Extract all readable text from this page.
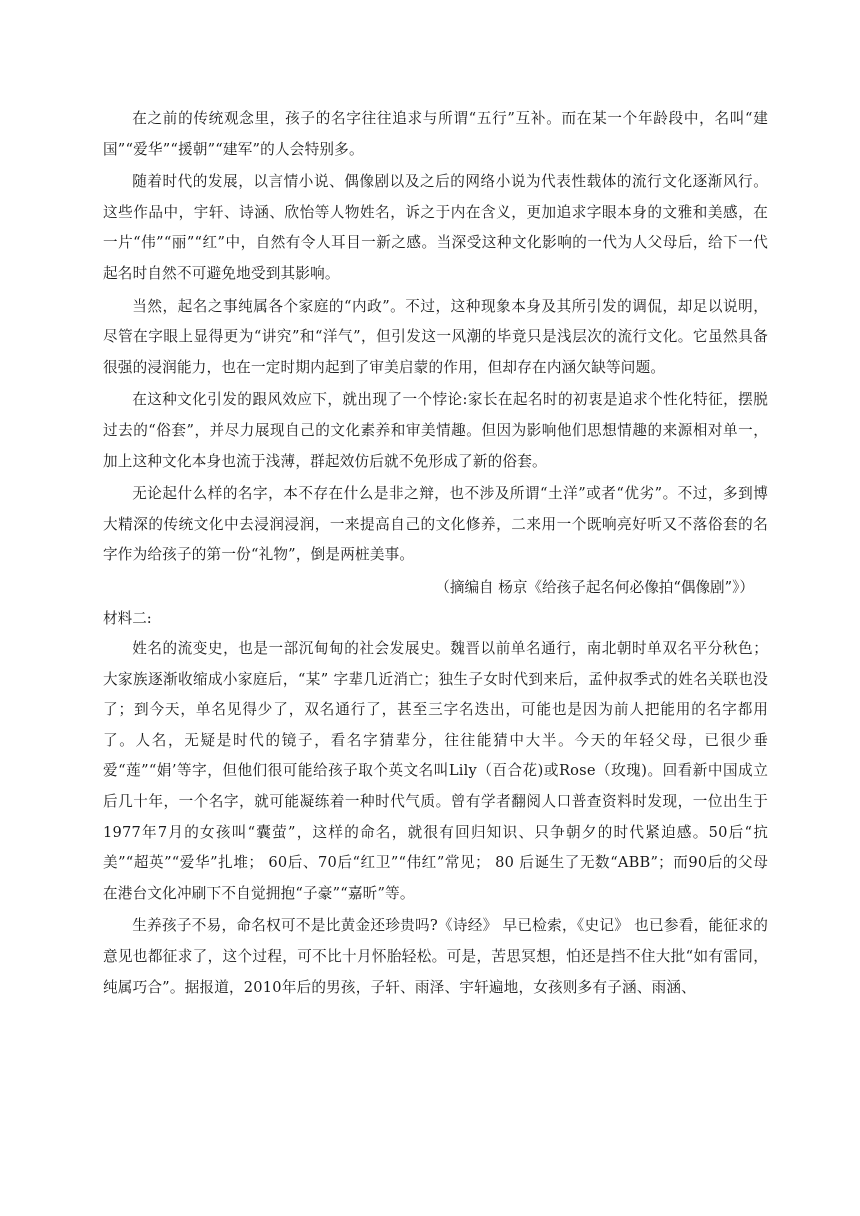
在之前的传统观念里，孩子的名字往往追求与所谓“五行”互补。而在某一个年龄段中，名叫“建国”“爱华”“援朝”“建军”的人会特别多。

随着时代的发展，以言情小说、偶像剧以及之后的网络小说为代表性载体的流行文化逐渐风行。这些作品中，宇轩、诗涵、欣怡等人物姓名，诉之于内在含义，更加追求字眼本身的文雅和美感，在一片“伟”“丽”“红”中，自然有令人耳目一新之感。当深受这种文化影响的一代为人父母后，给下一代起名时自然不可避免地受到其影响。

当然，起名之事纯属各个家庭的“内政”。不过，这种现象本身及其所引发的调侃，却足以说明，尽管在字眼上显得更为“讲究”和“洋气”，但引发这一风潮的毕竟只是浅层次的流行文化。它虽然具备很强的浸润能力，也在一定时期内起到了审美启蒙的作用，但却存在内涵欠缺等问题。

在这种文化引发的跟风效应下，就出现了一个悖论:家长在起名时的初衷是追求个性化特征，摆脱过去的“俗套”，并尽力展现自己的文化素养和审美情趣。但因为影响他们思想情趣的来源相对单一，加上这种文化本身也流于浅薄，群起效仿后就不免形成了新的俗套。

无论起什么样的名字，本不存在什么是非之辩，也不涉及所谓“土洋”或者“优劣”。不过，多到博大精深的传统文化中去浸润浸润，一来提高自己的文化修养，二来用一个既响亮好听又不落俗套的名字作为给孩子的第一份“礼物”，倒是两桩美事。

（摘编自 杨京《给孩子起名何必像拍“偶像剧”》）

材料二:

姓名的流变史，也是一部沉甸甸的社会发展史。魏晋以前单名通行，南北朝时单双名平分秋色；大家族逐渐收缩成小家庭后，“某” 字辈几近消亡；独生子女时代到来后，孟仲叔季式的姓名关联也没了；到今天，单名见得少了，双名通行了，甚至三字名迭出，可能也是因为前人把能用的名字都用了。人名，无疑是时代的镜子，看名字猜辈分，往往能猜中大半。今天的年轻父母，已很少垂爱“莲”“娟’等字，但他们很可能给孩子取个英文名叫Lily（百合花)或Rose（玫瑰)。回看新中国成立后几十年，一个名字，就可能凝练着一种时代气质。曾有学者翻阅人口普查资料时发现，一位出生于1977年7月的女孩叫“囊萤”，这样的命名，就很有回归知识、只争朝夕的时代紧迫感。50后“抗美”“超英”“爱华”扎堆； 60后、70后“红卫”“伟红”常见； 80 后诞生了无数“ABB”；而90后的父母在港台文化冲刷下不自觉拥抱“子豪”“嘉昕”等。

生养孩子不易，命名权可不是比黄金还珍贵吗?《诗经》 早已检索，《史记》 也已参看，能征求的意见也都征求了，这个过程，可不比十月怀胎轻松。可是，苦思冥想，怕还是挡不住大批“如有雷同，纯属巧合”。据报道，2010年后的男孩，子轩、雨泽、宇轩遍地，女孩则多有子涵、雨涵、
